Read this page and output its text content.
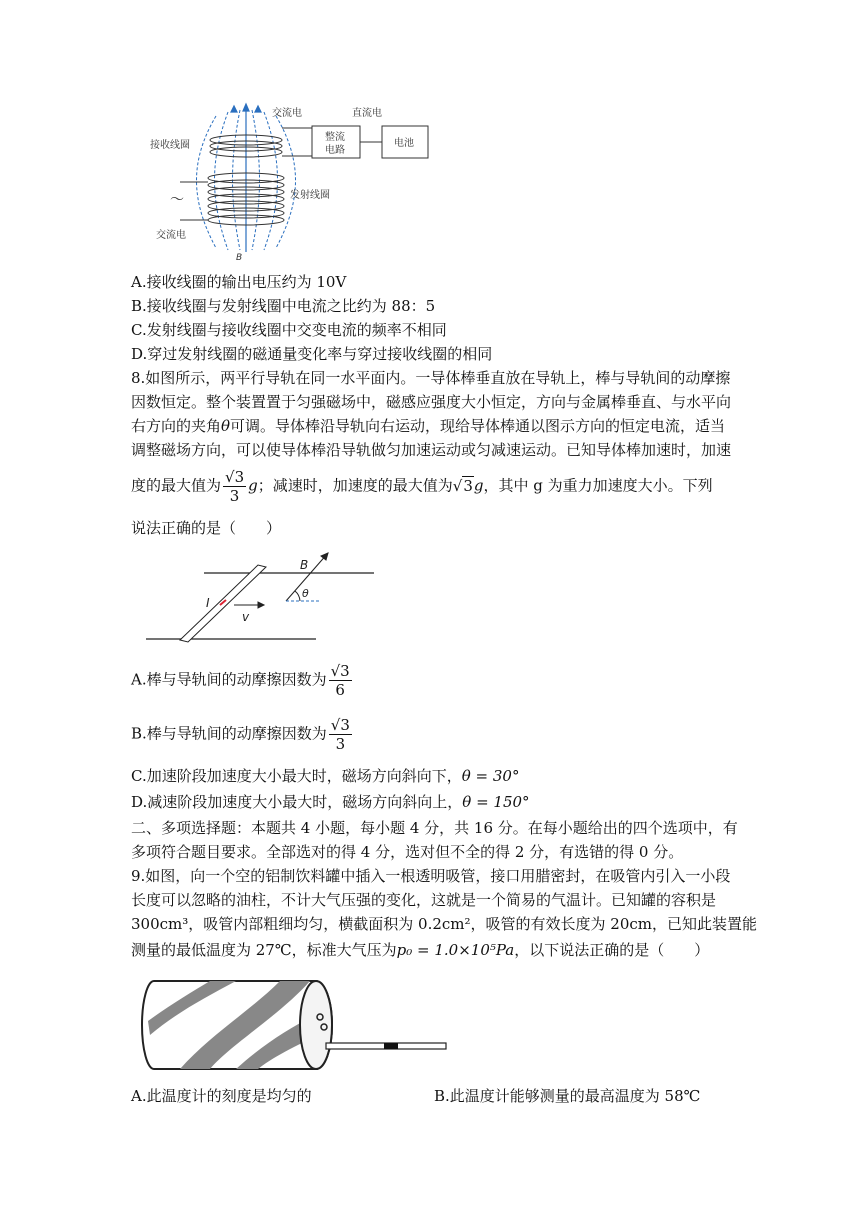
交流电	直流电
接收线圈
整流
电路
电池
～	发射线圈
交流电
B
A.接收线圈的输出电压约为 10V
B.接收线圈与发射线圈中电流之比约为 88：5
C.发射线圈与接收线圈中交变电流的频率不相同
D.穿过发射线圈的磁通量变化率与穿过接收线圈的相同
8.如图所示，两平行导轨在同一水平面内。一导体棒垂直放在导轨上，棒与导轨间的动摩擦
因数恒定。整个装置置于匀强磁场中，磁感应强度大小恒定，方向与金属棒垂直、与水平向
右方向的夹角θ可调。导体棒沿导轨向右运动，现给导体棒通以图示方向的恒定电流，适当
调整磁场方向，可以使导体棒沿导轨做匀加速运动或匀减速运动。已知导体棒加速时，加速
度的最大值为 $\frac{√3}{3}$ g；减速时，加速度的最大值为√3g，其中 g 为重力加速度大小。下列
说法正确的是（　　）
B
I
v
θ
A.棒与导轨间的动摩擦因数为 $\frac{√3}{6}$
B.棒与导轨间的动摩擦因数为 $\frac{√3}{3}$
C.加速阶段加速度大小最大时，磁场方向斜向下，θ = 30°
D.减速阶段加速度大小最大时，磁场方向斜向上，θ = 150°
二、多项选择题：本题共 4 小题，每小题 4 分，共 16 分。在每小题给出的四个选项中，有
多项符合题目要求。全部选对的得 4 分，选对但不全的得 2 分，有选错的得 0 分。
9.如图，向一个空的铝制饮料罐中插入一根透明吸管，接口用腊密封，在吸管内引入一小段
长度可以忽略的油柱，不计大气压强的变化，这就是一个简易的气温计。已知罐的容积是
300cm³，吸管内部粗细均匀，横截面积为 0.2cm²，吸管的有效长度为 20cm，已知此装置能
测量的最低温度为 27℃，标准大气压为p₀ = 1.0×10⁵Pa，以下说法正确的是（　　）
A.此温度计的刻度是均匀的	B.此温度计能够测量的最高温度为 58℃
